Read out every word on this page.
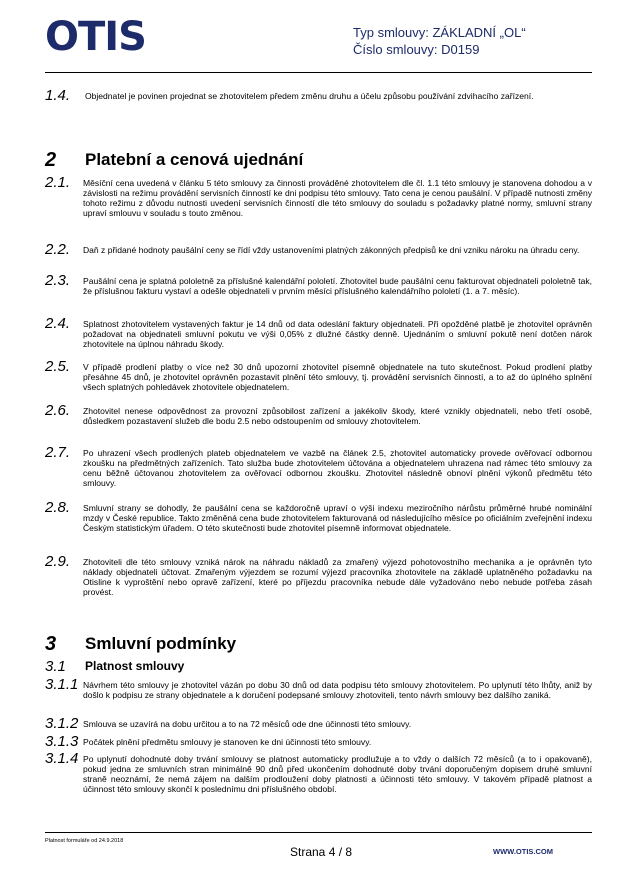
OTIS	Typ smlouvy: ZÁKLADNÍ „OL“
Číslo smlouvy: D0159
1.4.	Objednatel je povinen projednat se zhotovitelem předem změnu druhu a účelu způsobu používání zdvihacího zařízení.
2 Platební a cenová ujednání
2.1. Měsíční cena uvedená v článku 5 této smlouvy za činnosti prováděné zhotovitelem dle čl. 1.1 této smlouvy je stanovena dohodou a v závislosti na režimu provádění servisních činností ke dni podpisu této smlouvy. Tato cena je cenou paušální. V případě nutnosti změny tohoto režimu z důvodu nutnosti uvedení servisních činností dle této smlouvy do souladu s požadavky platné normy, smluvní strany upraví smlouvu v souladu s touto změnou.
2.2. Daň z přidané hodnoty paušální ceny se řídí vždy ustanoveními platných zákonných předpisů ke dni vzniku nároku na úhradu ceny.
2.3. Paušální cena je splatná pololetně za příslušné kalendářní pololetí. Zhotovitel bude paušální cenu fakturovat objednateli pololetně tak, že příslušnou fakturu vystaví a odešle objednateli v prvním měsíci příslušného kalendářního pololetí (1. a 7. měsíc).
2.4. Splatnost zhotovitelem vystavených faktur je 14 dnů od data odeslání faktury objednateli. Při opožděné platbě je zhotovitel oprávněn požadovat na objednateli smluvní pokutu ve výši 0,05% z dlužné částky denně. Ujednáním o smluvní pokutě není dotčen nárok zhotovitele na úplnou náhradu škody.
2.5. V případě prodlení platby o více než 30 dnů upozorní zhotovitel písemně objednatele na tuto skutečnost. Pokud prodlení platby přesáhne 45 dnů, je zhotovitel oprávněn pozastavit plnění této smlouvy, tj. provádění servisních činností, a to až do úplného splnění všech splatných pohledávek zhotovitele objednatelem.
2.6. Zhotovitel nenese odpovědnost za provozní způsobilost zařízení a jakékoliv škody, které vznikly objednateli, nebo třetí osobě, důsledkem pozastavení služeb dle bodu 2.5 nebo odstoupením od smlouvy zhotovitelem.
2.7. Po uhrazení všech prodlených plateb objednatelem ve vazbě na článek 2.5, zhotovitel automaticky provede ověřovací odbornou zkoušku na předmětných zařízeních. Tato služba bude zhotovitelem účtována a objednatelem uhrazena nad rámec této smlouvy za cenu běžně účtovanou zhotovitelem za ověřovací odbornou zkoušku. Zhotovitel následně obnoví plnění výkonů předmětu této smlouvy.
2.8. Smluvní strany se dohodly, že paušální cena se každoročně upraví o výši indexu meziročního nárůstu průměrné hrubé nominální mzdy v České republice. Takto změněná cena bude zhotovitelem fakturovaná od následujícího měsíce po oficiálním zveřejnění indexu Českým statistickým úřadem. O této skutečnosti bude zhotovitel písemně informovat objednatele.
2.9. Zhotoviteli dle této smlouvy vzniká nárok na náhradu nákladů za zmařený výjezd pohotovostního mechanika a je oprávněn tyto náklady objednateli účtovat. Zmařeným výjezdem se rozumí výjezd pracovníka zhotovitele na základě uplatněného požadavku na Otisline k vyproštění nebo opravě zařízení, které po příjezdu pracovníka nebude dále vyžadováno nebo nebude potřeba zásah provést.
3 Smluvní podmínky
3.1 Platnost smlouvy
3.1.1 Návrhem této smlouvy je zhotovitel vázán po dobu 30 dnů od data podpisu této smlouvy zhotovitelem. Po uplynutí této lhůty, aniž by došlo k podpisu ze strany objednatele a k doručení podepsané smlouvy zhotoviteli, tento návrh smlouvy bez dalšího zaniká.
3.1.2 Smlouva se uzavírá na dobu určitou a to na 72 měsíců ode dne účinnosti této smlouvy.
3.1.3 Počátek plnění předmětu smlouvy je stanoven ke dni účinnosti této smlouvy.
3.1.4 Po uplynutí dohodnuté doby trvání smlouvy se platnost automaticky prodlužuje a to vždy o dalších 72 měsíců (a to i opakovaně), pokud jedna ze smluvních stran minimálně 90 dnů před ukončením dohodnuté doby trvání doporučeným dopisem druhé smluvní straně neoznámí, že nemá zájem na dalším prodloužení doby platnosti a účinnosti této smlouvy. V takovém případě platnost a účinnost této smlouvy skončí k poslednímu dni příslušného období.
Platnost formuláře od 24.9.2018
Strana 4 / 8	WWW.OTIS.COM
